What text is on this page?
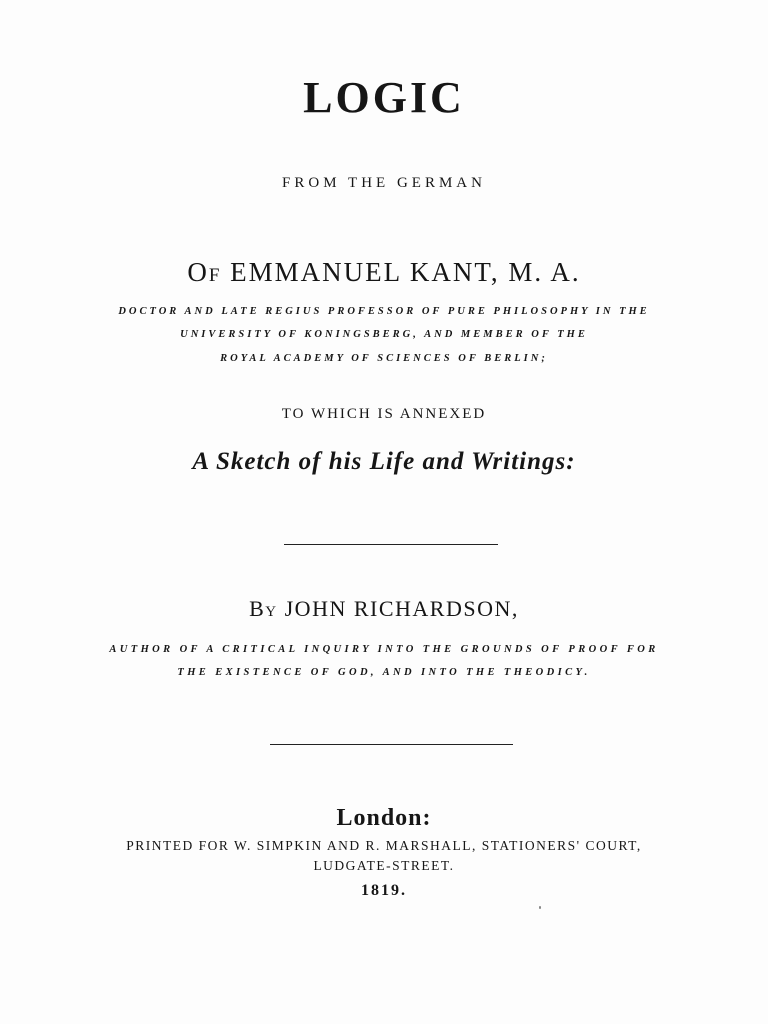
LOGIC
FROM THE GERMAN
Of EMMANUEL KANT, M. A.
DOCTOR AND LATE REGIUS PROFESSOR OF PURE PHILOSOPHY IN THE
UNIVERSITY OF KONINGSBERG, AND MEMBER OF THE
ROYAL ACADEMY OF SCIENCES OF BERLIN;
TO WHICH IS ANNEXED
A Sketch of his Life and Writings:
By JOHN RICHARDSON,
AUTHOR OF A CRITICAL INQUIRY INTO THE GROUNDS OF PROOF FOR
THE EXISTENCE OF GOD, AND INTO THE THEODICY.
London:
PRINTED FOR W. SIMPKIN AND R. MARSHALL, STATIONERS' COURT,
LUDGATE-STREET.
1819.
